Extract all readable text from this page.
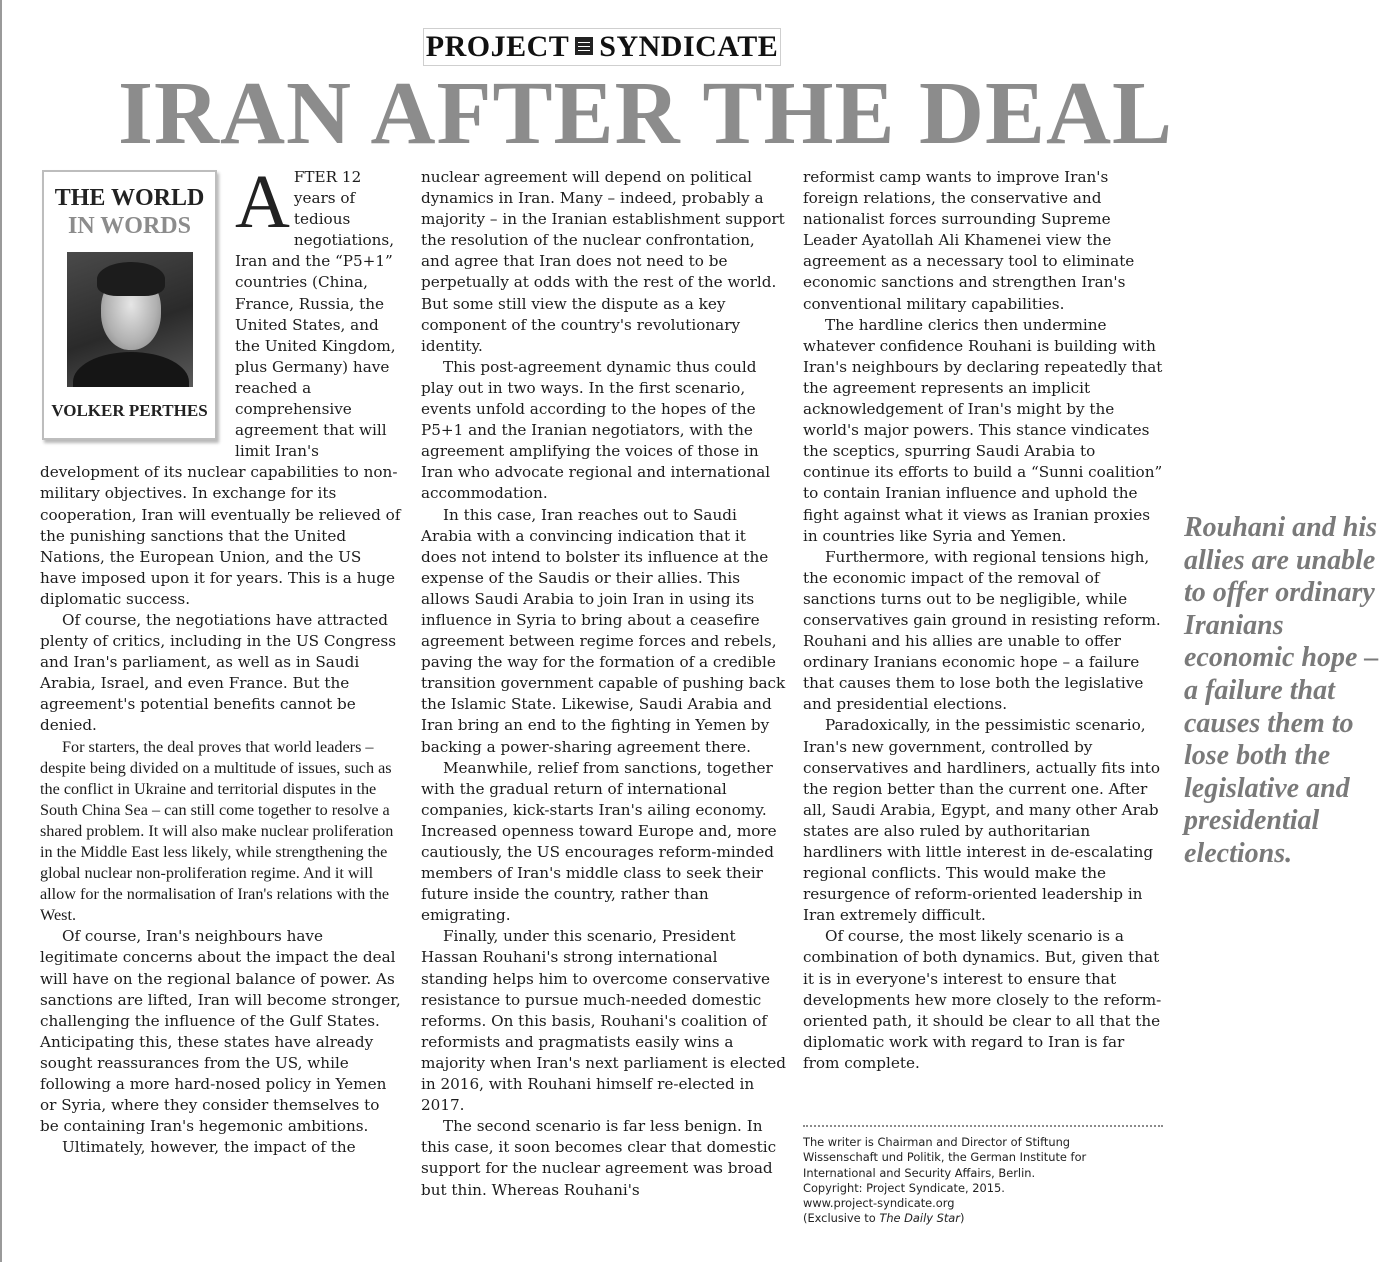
PROJECT SYNDICATE
IRAN AFTER THE DEAL
THE WORLD
IN WORDS
VOLKER PERTHES
A FTER 12 years of tedious negotiations, Iran and the “P5+1” countries (China, France, Russia, the United States, and the United Kingdom, plus Germany) have reached a comprehensive agreement that will limit Iran's development of its nuclear capabilities to non-military objectives. In exchange for its cooperation, Iran will eventually be relieved of the punishing sanctions that the United Nations, the European Union, and the US have imposed upon it for years. This is a huge diplomatic success.

Of course, the negotiations have attracted plenty of critics, including in the US Congress and Iran's parliament, as well as in Saudi Arabia, Israel, and even France. But the agreement's potential benefits cannot be denied.

For starters, the deal proves that world leaders – despite being divided on a multitude of issues, such as the conflict in Ukraine and territorial disputes in the South China Sea – can still come together to resolve a shared problem. It will also make nuclear proliferation in the Middle East less likely, while strengthening the global nuclear non-proliferation regime. And it will allow for the normalisation of Iran's relations with the West.

Of course, Iran's neighbours have legitimate concerns about the impact the deal will have on the regional balance of power. As sanctions are lifted, Iran will become stronger, challenging the influence of the Gulf States. Anticipating this, these states have already sought reassurances from the US, while following a more hard-nosed policy in Yemen or Syria, where they consider themselves to be containing Iran's hegemonic ambitions.

Ultimately, however, the impact of the

nuclear agreement will depend on political dynamics in Iran. Many – indeed, probably a majority – in the Iranian establishment support the resolution of the nuclear confrontation, and agree that Iran does not need to be perpetually at odds with the rest of the world. But some still view the dispute as a key component of the country's revolutionary identity.

This post-agreement dynamic thus could play out in two ways. In the first scenario, events unfold according to the hopes of the P5+1 and the Iranian negotiators, with the agreement amplifying the voices of those in Iran who advocate regional and international accommodation.

In this case, Iran reaches out to Saudi Arabia with a convincing indication that it does not intend to bolster its influence at the expense of the Saudis or their allies. This allows Saudi Arabia to join Iran in using its influence in Syria to bring about a ceasefire agreement between regime forces and rebels, paving the way for the formation of a credible transition government capable of pushing back the Islamic State. Likewise, Saudi Arabia and Iran bring an end to the fighting in Yemen by backing a power-sharing agreement there.

Meanwhile, relief from sanctions, together with the gradual return of international companies, kick-starts Iran's ailing economy. Increased openness toward Europe and, more cautiously, the US encourages reform-minded members of Iran's middle class to seek their future inside the country, rather than emigrating.

Finally, under this scenario, President Hassan Rouhani's strong international standing helps him to overcome conservative resistance to pursue much-needed domestic reforms. On this basis, Rouhani's coalition of reformists and pragmatists easily wins a majority when Iran's next parliament is elected in 2016, with Rouhani himself re-elected in 2017.

The second scenario is far less benign. In this case, it soon becomes clear that domestic support for the nuclear agreement was broad but thin. Whereas Rouhani's

reformist camp wants to improve Iran's foreign relations, the conservative and nationalist forces surrounding Supreme Leader Ayatollah Ali Khamenei view the agreement as a necessary tool to eliminate economic sanctions and strengthen Iran's conventional military capabilities.

The hardline clerics then undermine whatever confidence Rouhani is building with Iran's neighbours by declaring repeatedly that the agreement represents an implicit acknowledgement of Iran's might by the world's major powers. This stance vindicates the sceptics, spurring Saudi Arabia to continue its efforts to build a “Sunni coalition” to contain Iranian influence and uphold the fight against what it views as Iranian proxies in countries like Syria and Yemen.

Furthermore, with regional tensions high, the economic impact of the removal of sanctions turns out to be negligible, while conservatives gain ground in resisting reform. Rouhani and his allies are unable to offer ordinary Iranians economic hope – a failure that causes them to lose both the legislative and presidential elections.

Paradoxically, in the pessimistic scenario, Iran's new government, controlled by conservatives and hardliners, actually fits into the region better than the current one. After all, Saudi Arabia, Egypt, and many other Arab states are also ruled by authoritarian hardliners with little interest in de-escalating regional conflicts. This would make the resurgence of reform-oriented leadership in Iran extremely difficult.

Of course, the most likely scenario is a combination of both dynamics. But, given that it is in everyone's interest to ensure that developments hew more closely to the reform-oriented path, it should be clear to all that the diplomatic work with regard to Iran is far from complete.

The writer is Chairman and Director of Stiftung
Wissenschaft und Politik, the German Institute for
International and Security Affairs, Berlin.
Copyright: Project Syndicate, 2015.
www.project-syndicate.org
(Exclusive to The Daily Star)
Rouhani and his
allies are unable
to offer ordinary
Iranians
economic hope –
a failure that
causes them to
lose both the
legislative and
presidential
elections.
